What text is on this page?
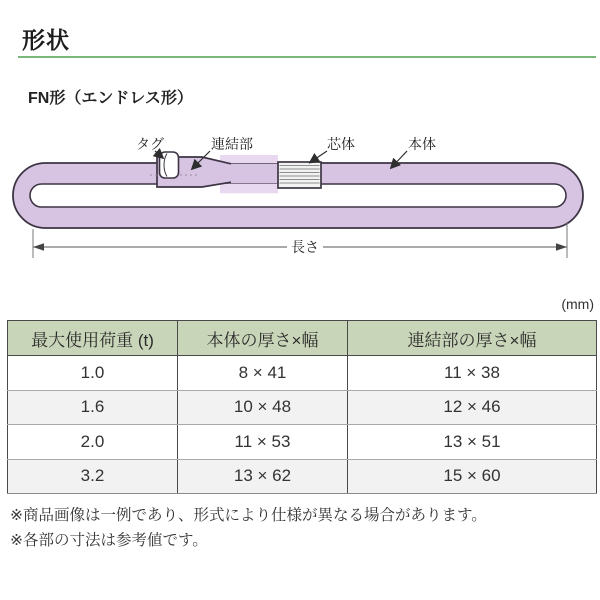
形状
FN形（エンドレス形）
タグ	連結部	芯体	本体
長さ
(mm)
最大使用荷重 (t)	本体の厚さ×幅	連結部の厚さ×幅
1.0	8 × 41	11 × 38
1.6	10 × 48	12 × 46
2.0	11 × 53	13 × 51
3.2	13 × 62	15 × 60
※商品画像は一例であり、形式により仕様が異なる場合があります。
※各部の寸法は参考値です。
